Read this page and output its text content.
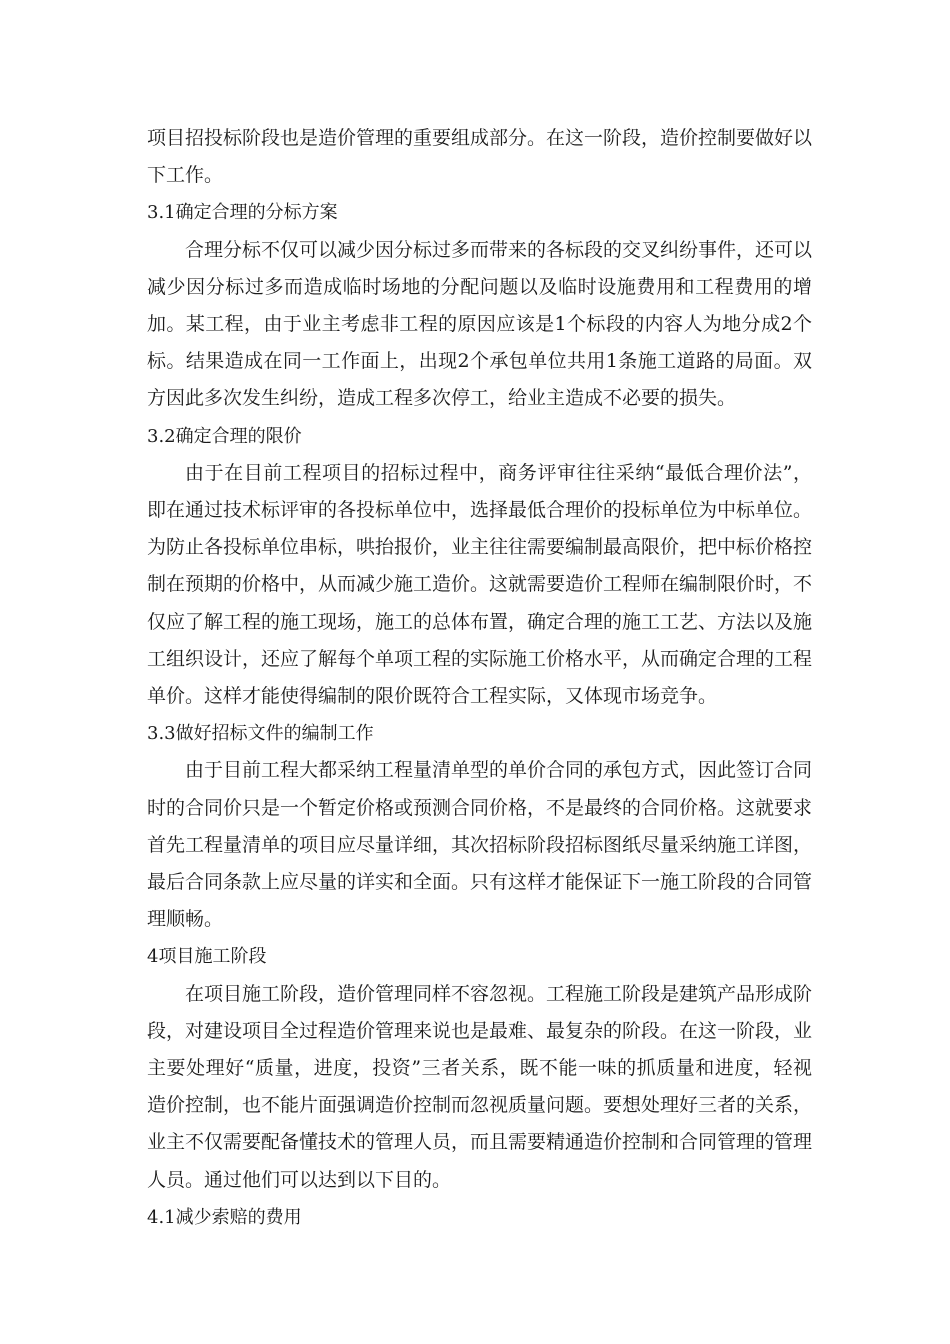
项目招投标阶段也是造价管理的重要组成部分。在这一阶段，造价控制要做好以下工作。

3.1确定合理的分标方案

合理分标不仅可以减少因分标过多而带来的各标段的交叉纠纷事件，还可以减少因分标过多而造成临时场地的分配问题以及临时设施费用和工程费用的增加。某工程，由于业主考虑非工程的原因应该是1个标段的内容人为地分成2个标。结果造成在同一工作面上，出现2个承包单位共用1条施工道路的局面。双方因此多次发生纠纷，造成工程多次停工，给业主造成不必要的损失。

3.2确定合理的限价

由于在目前工程项目的招标过程中，商务评审往往采纳“最低合理价法”，即在通过技术标评审的各投标单位中，选择最低合理价的投标单位为中标单位。为防止各投标单位串标，哄抬报价，业主往往需要编制最高限价，把中标价格控制在预期的价格中，从而减少施工造价。这就需要造价工程师在编制限价时，不仅应了解工程的施工现场，施工的总体布置，确定合理的施工工艺、方法以及施工组织设计，还应了解每个单项工程的实际施工价格水平，从而确定合理的工程单价。这样才能使得编制的限价既符合工程实际，又体现市场竞争。

3.3做好招标文件的编制工作

由于目前工程大都采纳工程量清单型的单价合同的承包方式，因此签订合同时的合同价只是一个暂定价格或预测合同价格，不是最终的合同价格。这就要求首先工程量清单的项目应尽量详细，其次招标阶段招标图纸尽量采纳施工详图，最后合同条款上应尽量的详实和全面。只有这样才能保证下一施工阶段的合同管理顺畅。

4项目施工阶段

在项目施工阶段，造价管理同样不容忽视。工程施工阶段是建筑产品形成阶段，对建设项目全过程造价管理来说也是最难、最复杂的阶段。在这一阶段，业主要处理好“质量，进度，投资”三者关系，既不能一味的抓质量和进度，轻视造价控制，也不能片面强调造价控制而忽视质量问题。要想处理好三者的关系，业主不仅需要配备懂技术的管理人员，而且需要精通造价控制和合同管理的管理人员。通过他们可以达到以下目的。

4.1减少索赔的费用
